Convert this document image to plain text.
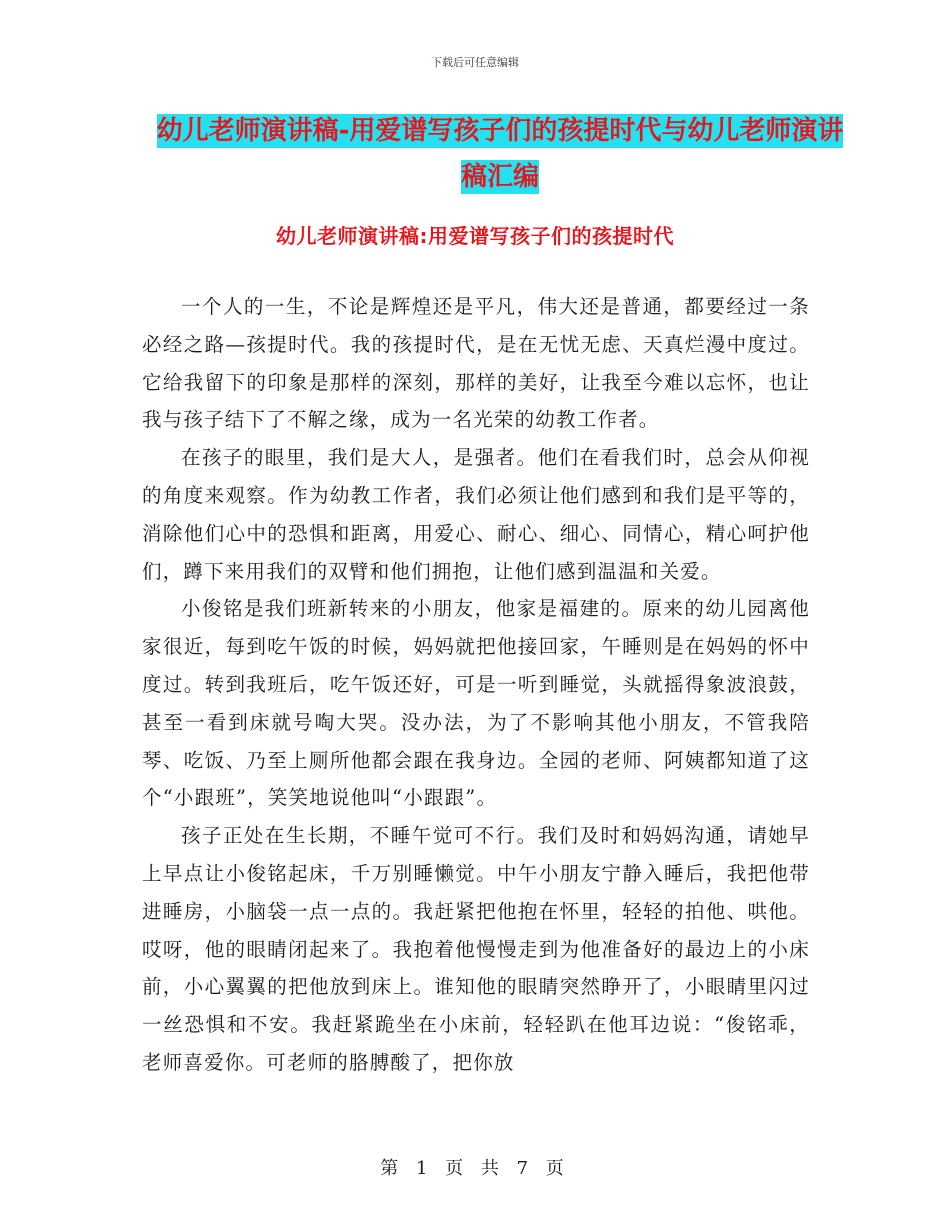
下载后可任意编辑
幼儿老师演讲稿-用爱谱写孩子们的孩提时代与幼儿老师演讲稿汇编
幼儿老师演讲稿:用爱谱写孩子们的孩提时代

一个人的一生，不论是辉煌还是平凡，伟大还是普通，都要经过一条必经之路—孩提时代。我的孩提时代，是在无忧无虑、天真烂漫中度过。它给我留下的印象是那样的深刻，那样的美好，让我至今难以忘怀，也让我与孩子结下了不解之缘，成为一名光荣的幼教工作者。

在孩子的眼里，我们是大人，是强者。他们在看我们时，总会从仰视的角度来观察。作为幼教工作者，我们必须让他们感到和我们是平等的，消除他们心中的恐惧和距离，用爱心、耐心、细心、同情心，精心呵护他们，蹲下来用我们的双臂和他们拥抱，让他们感到温温和关爱。

小俊铭是我们班新转来的小朋友，他家是福建的。原来的幼儿园离他家很近，每到吃午饭的时候，妈妈就把他接回家，午睡则是在妈妈的怀中度过。转到我班后，吃午饭还好，可是一听到睡觉，头就摇得象波浪鼓，甚至一看到床就号啕大哭。没办法，为了不影响其他小朋友，不管我陪琴、吃饭、乃至上厕所他都会跟在我身边。全园的老师、阿姨都知道了这个“小跟班”，笑笑地说他叫“小跟跟”。

孩子正处在生长期，不睡午觉可不行。我们及时和妈妈沟通，请她早上早点让小俊铭起床，千万别睡懒觉。中午小朋友宁静入睡后，我把他带进睡房，小脑袋一点一点的。我赶紧把他抱在怀里，轻轻的拍他、哄他。哎呀，他的眼睛闭起来了。我抱着他慢慢走到为他准备好的最边上的小床前，小心翼翼的把他放到床上。谁知他的眼睛突然睁开了，小眼睛里闪过一丝恐惧和不安。我赶紧跪坐在小床前，轻轻趴在他耳边说：“俊铭乖，老师喜爱你。可老师的胳膊酸了，把你放

第 1 页 共 7 页
